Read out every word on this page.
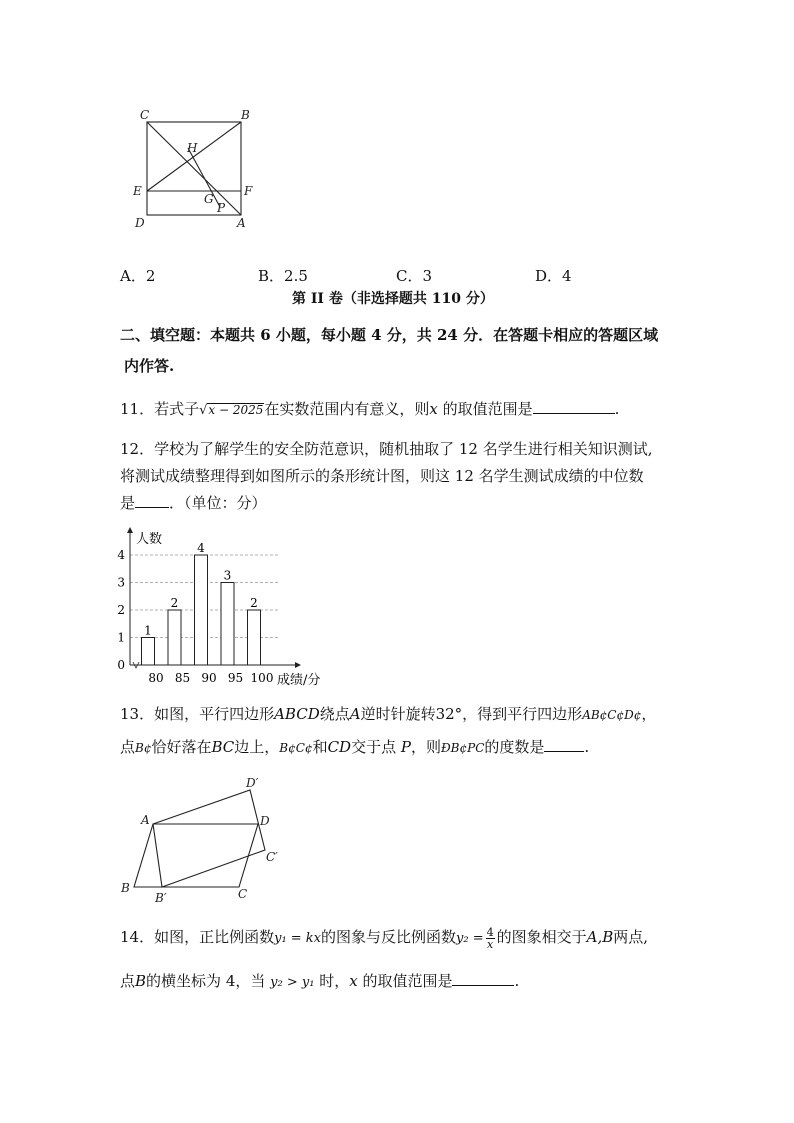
C	B
H
E	F
G
P
D	A
A．2	B．2.5	C．3	D．4
第 II 卷（非选择题共 110 分）
二、填空题：本题共 6 小题，每小题 4 分，共 24 分．在答题卡相应的答题区域
内作答.
11．若式子√x − 2025在实数范围内有意义，则x 的取值范围是	.
12．学校为了解学生的安全防范意识，随机抽取了 12 名学生进行相关知识测试,
将测试成绩整理得到如图所示的条形统计图，则这 12 名学生测试成绩的中位数
是 ．（单位：分）
1
80
2
85
4
90
3
95
2
100
0
1
2
3
4
人数
成绩/分
13．如图，平行四边形ABCD绕点A逆时针旋转32°，得到平行四边形AB¢C¢D¢，
点B¢恰好落在BC边上，B¢C¢和CD交于点 P，则ÐB¢PC的度数是	.
D′
A	D
C′
B
B′	C
14．如图，正比例函数y₁ = kx的图象与反比例函数$y_2 = \frac{4}{x}$ 的图象相交于A,B两点,
点B的横坐标为 4，当 y₂ > y₁ 时，x 的取值范围是	.
